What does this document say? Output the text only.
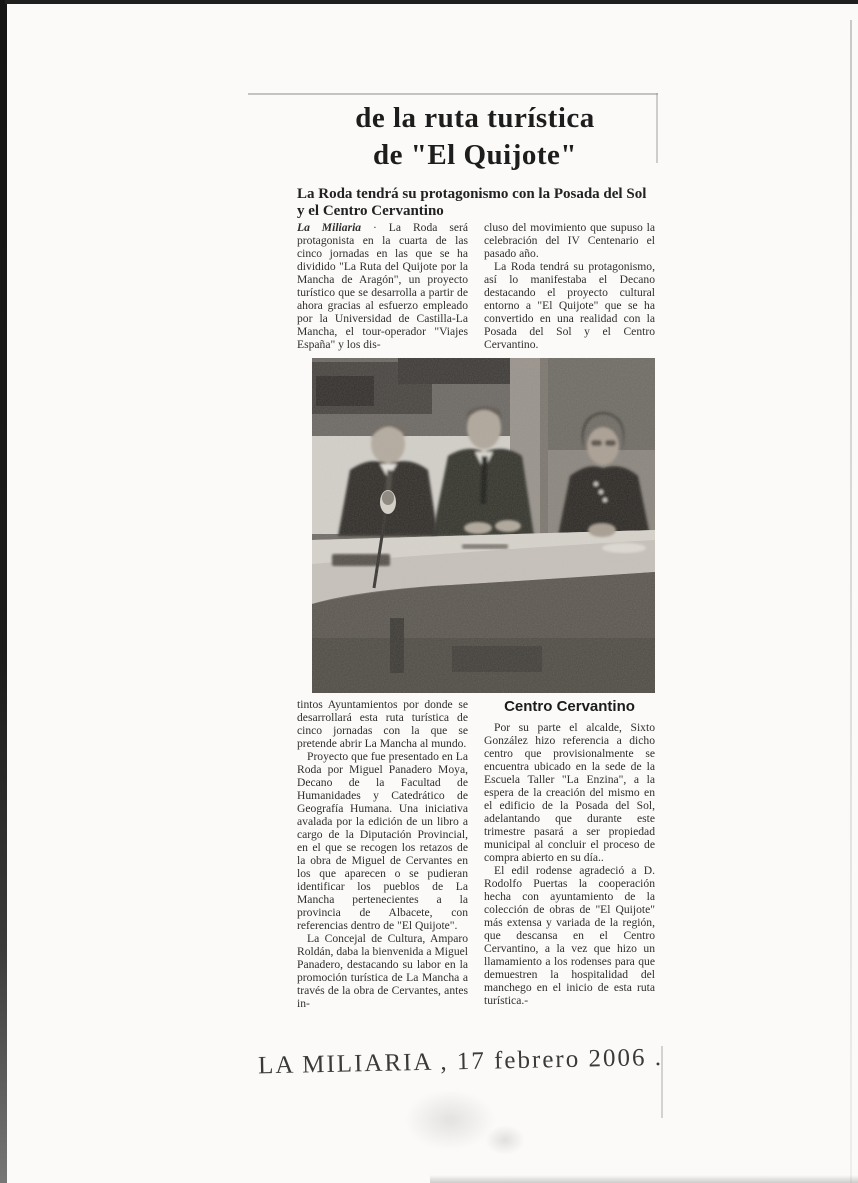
de la ruta turística
de "El Quijote"
La Roda tendrá su protagonismo con la Posada del Sol y el Centro Cervantino

La Miliaria · La Roda será protagonista en la cuarta de las cinco jornadas en las que se ha dividido "La Ruta del Quijote por la Mancha de Aragón", un proyecto turístico que se desarrolla a partir de ahora gracias al esfuerzo empleado por la Universidad de Castilla-La Mancha, el tour-operador "Viajes España" y los dis-

cluso del movimiento que supuso la celebración del IV Centenario el pasado año.

La Roda tendrá su protagonismo, así lo manifestaba el Decano destacando el proyecto cultural entorno a "El Quijote" que se ha convertido en una realidad con la Posada del Sol y el Centro Cervantino.

tintos Ayuntamientos por donde se desarrollará esta ruta turística de cinco jornadas con la que se pretende abrir La Mancha al mundo.

Proyecto que fue presentado en La Roda por Miguel Panadero Moya, Decano de la Facultad de Humanidades y Catedrático de Geografía Humana. Una iniciativa avalada por la edición de un libro a cargo de la Diputación Provincial, en el que se recogen los retazos de la obra de Miguel de Cervantes en los que aparecen o se pudieran identificar los pueblos de La Mancha pertenecientes a la provincia de Albacete, con referencias dentro de "El Quijote".

La Concejal de Cultura, Amparo Roldán, daba la bienvenida a Miguel Panadero, destacando su labor en la promoción turística de La Mancha a través de la obra de Cervantes, antes in-

Centro Cervantino

Por su parte el alcalde, Sixto González hizo referencia a dicho centro que provisionalmente se encuentra ubicado en la sede de la Escuela Taller "La Enzina", a la espera de la creación del mismo en el edificio de la Posada del Sol, adelantando que durante este trimestre pasará a ser propiedad municipal al concluir el proceso de compra abierto en su día..

El edil rodense agradeció a D. Rodolfo Puertas la cooperación hecha con ayuntamiento de la colección de obras de "El Quijote" más extensa y variada de la región, que descansa en el Centro Cervantino, a la vez que hizo un llamamiento a los rodenses para que demuestren la hospitalidad del manchego en el inicio de esta ruta turística.-

LA MILIARIA , 17 febrero 2006 .
